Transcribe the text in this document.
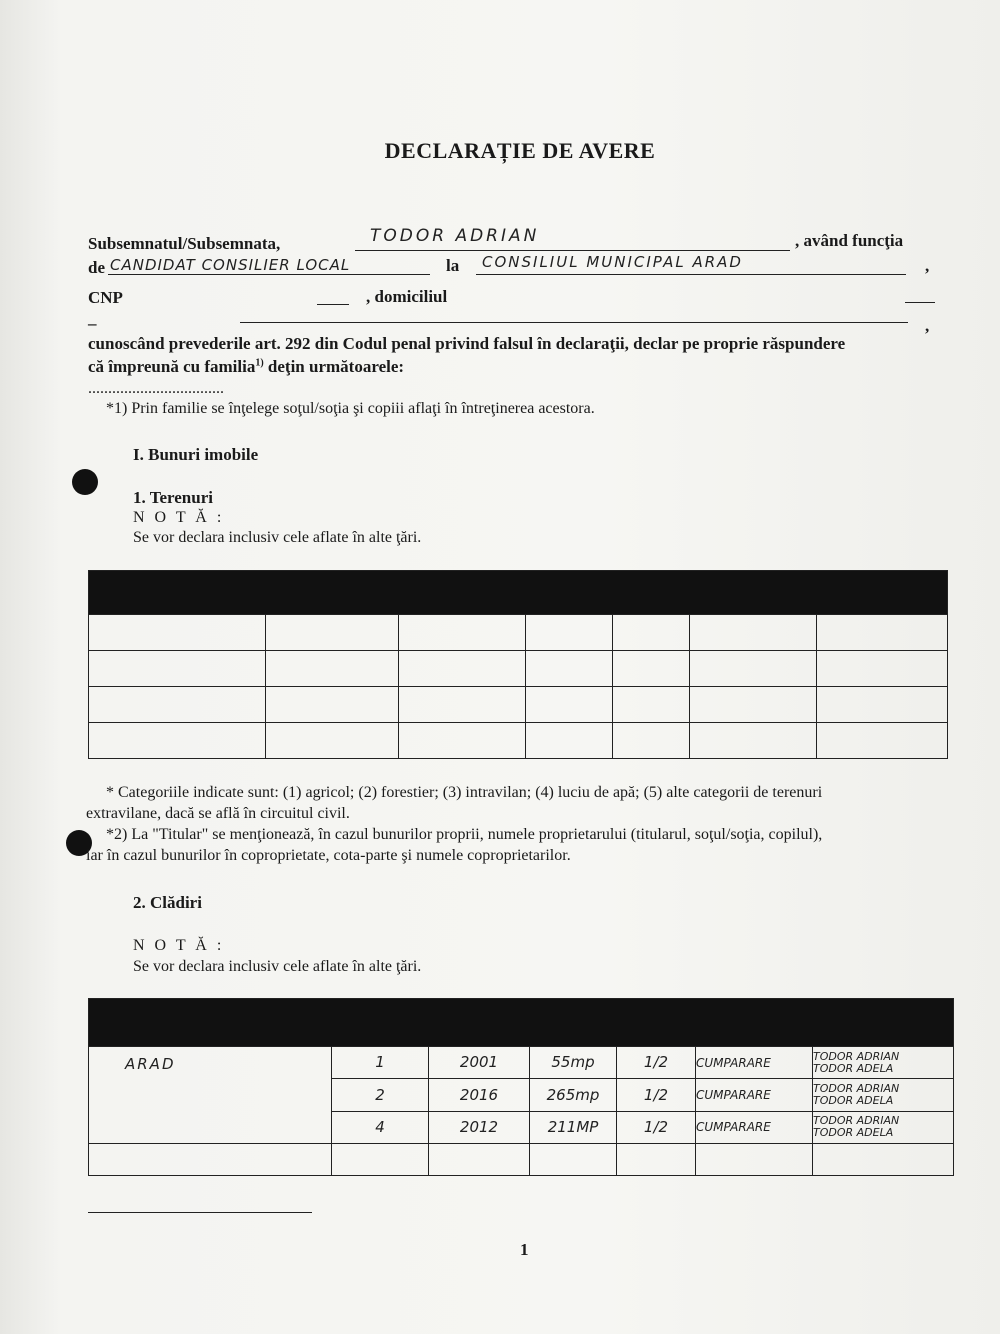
DECLARAȚIE DE AVERE
Subsemnatul/Subsemnata,	TODOR ADRIAN	, având funcţia
de CANDIDAT CONSILIER LOCAL	la CONSILIUL MUNICIPAL ARAD	,
CNP	, domiciliul
–	,
cunoscând prevederile art. 292 din Codul penal privind falsul în declaraţii, declar pe proprie răspundere
că împreună cu familia$^{1)}$ deţin următoarele:
..................................
*1) Prin familie se înţelege soţul/soţia şi copiii aflaţi în întreţinerea acestora.
I. Bunuri imobile
1. Terenuri
N O T Ă :
Se vor declara inclusiv cele aflate în alte ţări.

* Categoriile indicate sunt: (1) agricol; (2) forestier; (3) intravilan; (4) luciu de apă; (5) alte categorii de terenuri
extravilane, dacă se află în circuitul civil.
*2) La "Titular" se menţionează, în cazul bunurilor proprii, numele proprietarului (titularul, soţul/soţia, copilul),
iar în cazul bunurilor în coproprietate, cota-parte şi numele coproprietarilor.
2. Clădiri
N O T Ă :
Se vor declara inclusiv cele aflate în alte ţări.

ARAD	1	2001	55mp	1/2	CUMPARARE	TODOR ADRIAN
TODOR ADELA

	2	2016	265mp	1/2	CUMPARARE	TODOR ADRIAN
TODOR ADELA

	4	2012	211MP	1/2	CUMPARARE	TODOR ADRIAN
TODOR ADELA

1
